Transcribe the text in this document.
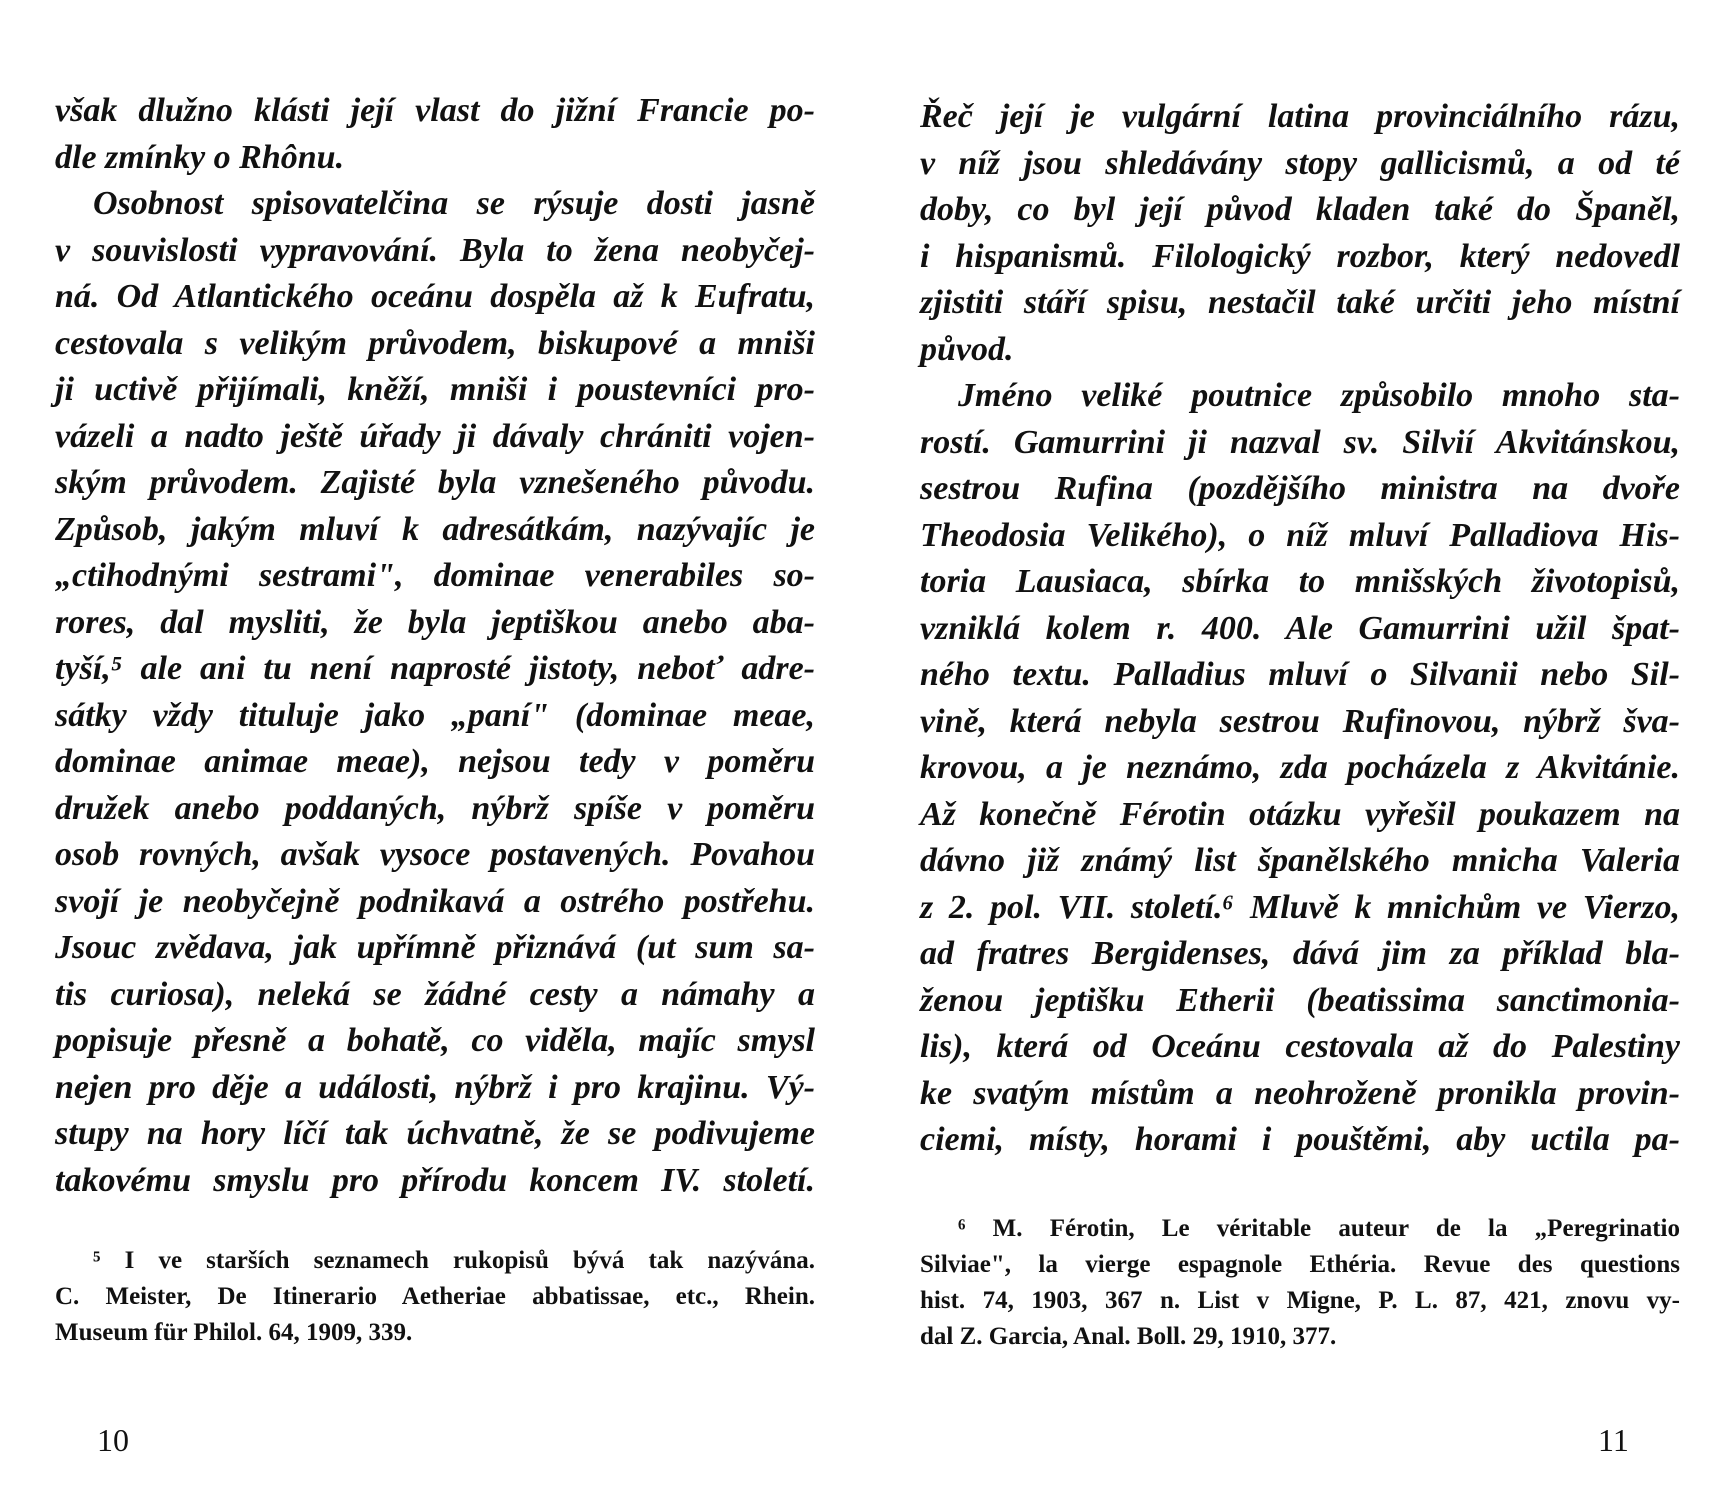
však dlužno klásti její vlast do jižní Francie po-
dle zmínky o Rhônu.
Osobnost spisovatelčina se rýsuje dosti jasně
v souvislosti vypravování. Byla to žena neobyčej-
ná. Od Atlantického oceánu dospěla až k Eufratu,
cestovala s velikým průvodem, biskupové a mniši
ji uctivě přijímali, kněží, mniši i poustevníci pro-
vázeli a nadto ještě úřady ji dávaly chrániti vojen-
ským průvodem. Zajisté byla vznešeného původu.
Způsob, jakým mluví k adresátkám, nazývajíc je
„ctihodnými sestrami", dominae venerabiles so-
rores, dal mysliti, že byla jeptiškou anebo aba-
tyší,⁵ ale ani tu není naprosté jistoty, neboť adre-
sátky vždy tituluje jako „paní" (dominae meae,
dominae animae meae), nejsou tedy v poměru
družek anebo poddaných, nýbrž spíše v poměru
osob rovných, avšak vysoce postavených. Povahou
svojí je neobyčejně podnikavá a ostrého postřehu.
Jsouc zvědava, jak upřímně přiznává (ut sum sa-
tis curiosa), neleká se žádné cesty a námahy a
popisuje přesně a bohatě, co viděla, majíc smysl
nejen pro děje a události, nýbrž i pro krajinu. Vý-
stupy na hory líčí tak úchvatně, že se podivujeme
takovému smyslu pro přírodu koncem IV. století.
⁵ I ve starších seznamech rukopisů bývá tak nazývána.
C. Meister, De Itinerario Aetheriae abbatissae, etc., Rhein.
Museum für Philol. 64, 1909, 339.
10
Řeč její je vulgární latina provinciálního rázu,
v níž jsou shledávány stopy gallicismů, a od té
doby, co byl její původ kladen také do Španěl,
i hispanismů. Filologický rozbor, který nedovedl
zjistiti stáří spisu, nestačil také určiti jeho místní
původ.
Jméno veliké poutnice způsobilo mnoho sta-
rostí. Gamurrini ji nazval sv. Silvií Akvitánskou,
sestrou Rufina (pozdějšího ministra na dvoře
Theodosia Velikého), o níž mluví Palladiova His-
toria Lausiaca, sbírka to mnišských životopisů,
vzniklá kolem r. 400. Ale Gamurrini užil špat-
ného textu. Palladius mluví o Silvanii nebo Sil-
vině, která nebyla sestrou Rufinovou, nýbrž šva-
krovou, a je neznámo, zda pocházela z Akvitánie.
Až konečně Férotin otázku vyřešil poukazem na
dávno již známý list španělského mnicha Valeria
z 2. pol. VII. století.⁶ Mluvě k mnichům ve Vierzo,
ad fratres Bergidenses, dává jim za příklad bla-
ženou jeptišku Etherii (beatissima sanctimonia-
lis), která od Oceánu cestovala až do Palestiny
ke svatým místům a neohroženě pronikla provin-
ciemi, místy, horami i pouštěmi, aby uctila pa-
⁶ M. Férotin, Le véritable auteur de la „Peregrinatio
Silviae", la vierge espagnole Ethéria. Revue des questions
hist. 74, 1903, 367 n. List v Migne, P. L. 87, 421, znovu vy-
dal Z. Garcia, Anal. Boll. 29, 1910, 377.
11
